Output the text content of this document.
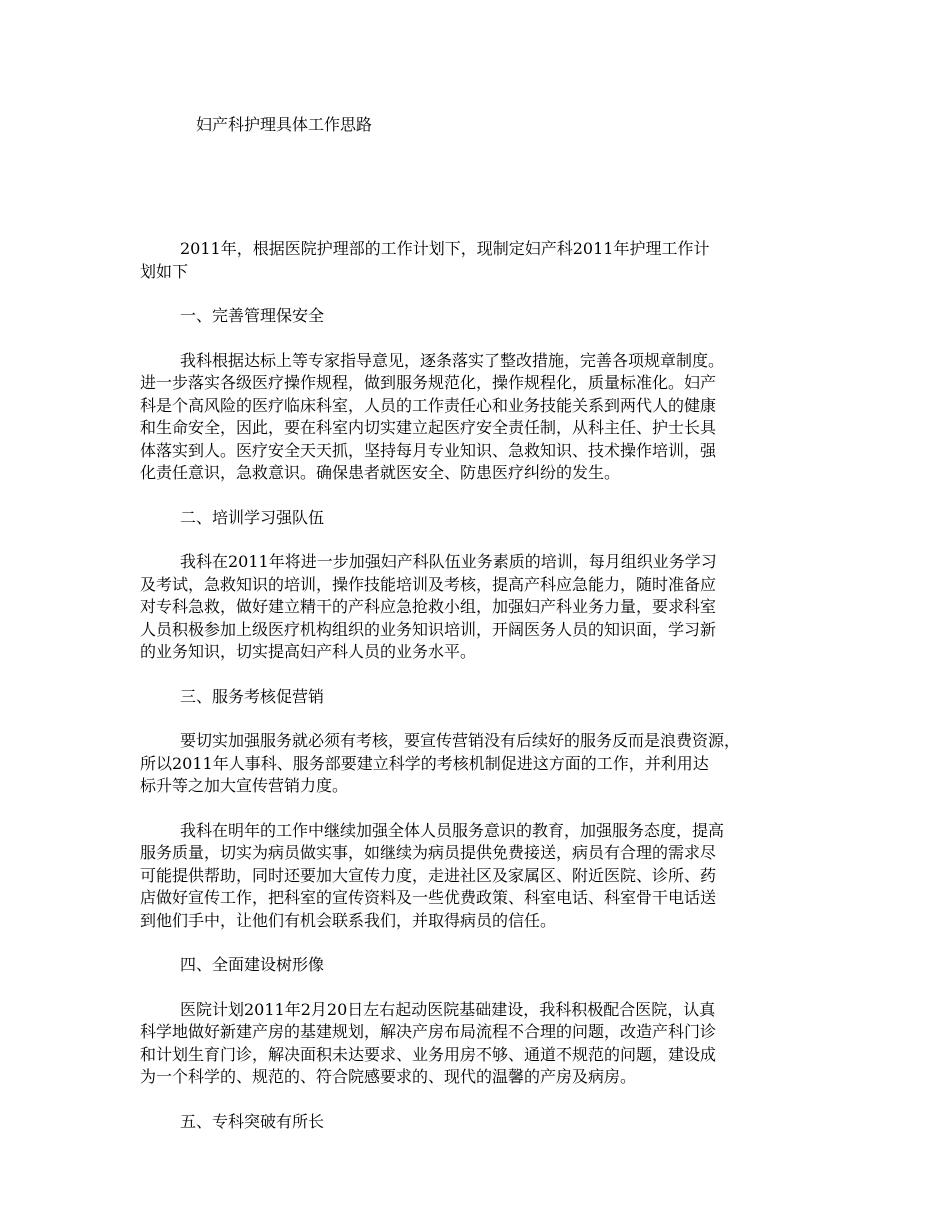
妇产科护理具体工作思路

2011年，根据医院护理部的工作计划下，现制定妇产科2011年护理工作计
划如下

一、完善管理保安全

我科根据达标上等专家指导意见，逐条落实了整改措施，完善各项规章制度。
进一步落实各级医疗操作规程，做到服务规范化，操作规程化，质量标准化。妇产
科是个高风险的医疗临床科室，人员的工作责任心和业务技能关系到两代人的健康
和生命安全，因此，要在科室内切实建立起医疗安全责任制，从科主任、护士长具
体落实到人。医疗安全天天抓，坚持每月专业知识、急救知识、技术操作培训，强
化责任意识，急救意识。确保患者就医安全、防患医疗纠纷的发生。

二、培训学习强队伍

我科在2011年将进一步加强妇产科队伍业务素质的培训，每月组织业务学习
及考试，急救知识的培训，操作技能培训及考核，提高产科应急能力，随时准备应
对专科急救，做好建立精干的产科应急抢救小组，加强妇产科业务力量，要求科室
人员积极参加上级医疗机构组织的业务知识培训，开阔医务人员的知识面，学习新
的业务知识，切实提高妇产科人员的业务水平。

三、服务考核促营销

要切实加强服务就必须有考核，要宣传营销没有后续好的服务反而是浪费资源，
所以2011年人事科、服务部要建立科学的考核机制促进这方面的工作，并利用达
标升等之加大宣传营销力度。

我科在明年的工作中继续加强全体人员服务意识的教育，加强服务态度，提高
服务质量，切实为病员做实事，如继续为病员提供免费接送，病员有合理的需求尽
可能提供帮助，同时还要加大宣传力度，走进社区及家属区、附近医院、诊所、药
店做好宣传工作，把科室的宣传资料及一些优费政策、科室电话、科室骨干电话送
到他们手中，让他们有机会联系我们，并取得病员的信任。

四、全面建设树形像

医院计划2011年2月20日左右起动医院基础建设，我科积极配合医院，认真
科学地做好新建产房的基建规划，解决产房布局流程不合理的问题，改造产科门诊
和计划生育门诊，解决面积未达要求、业务用房不够、通道不规范的问题，建设成
为一个科学的、规范的、符合院感要求的、现代的温馨的产房及病房。

五、专科突破有所长
